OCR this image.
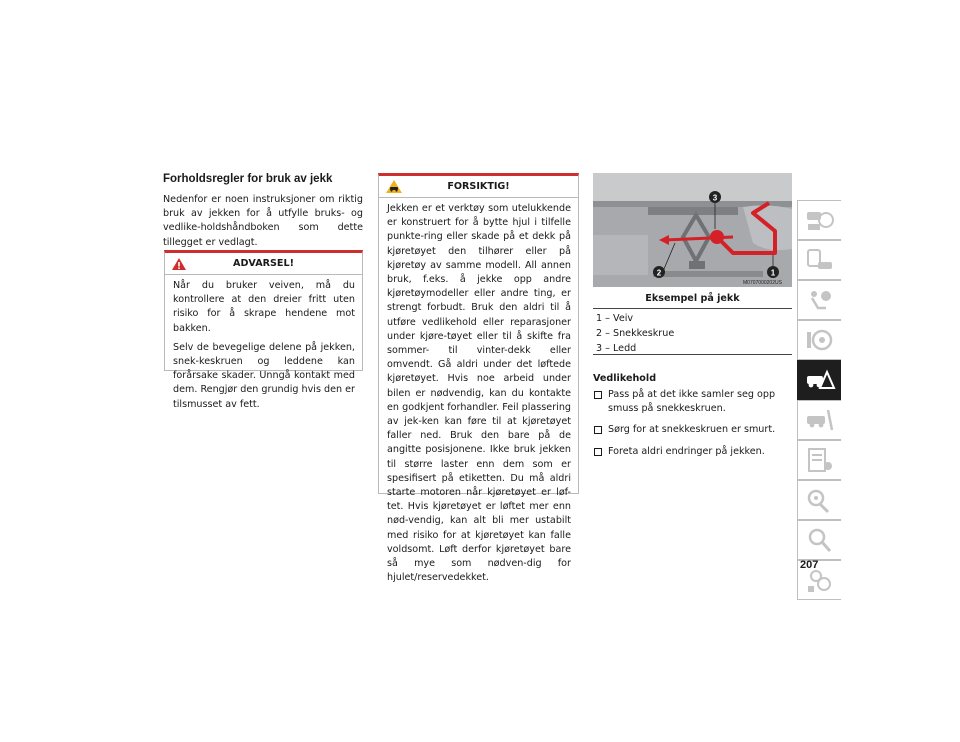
Forholdsregler for bruk av jekk

Nedenfor er noen instruksjoner om riktig bruk av jekken for å utfylle bruks- og vedlike-holdshåndboken som dette tillegget er vedlagt.

ADVARSEL!

Når du bruker veiven, må du kontrollere at den dreier fritt uten risiko for å skrape hendene mot bakken.

Selv de bevegelige delene på jekken, snek-keskruen og leddene kan forårsake skader. Unngå kontakt med dem. Rengjør den grundig hvis den er tilsmusset av fett.

FORSIKTIG!

Jekken er et verktøy som utelukkende er konstruert for å bytte hjul i tilfelle punkte-ring eller skade på et dekk på kjøretøyet den tilhører eller på kjøretøy av samme modell. All annen bruk, f.eks. å jekke opp andre kjøretøymodeller eller andre ting, er strengt forbudt. Bruk den aldri til å utføre vedlikehold eller reparasjoner under kjøre-tøyet eller til å skifte fra sommer- til vinter-dekk eller omvendt. Gå aldri under det løftede kjøretøyet. Hvis noe arbeid under bilen er nødvendig, kan du kontakte en godkjent forhandler. Feil plassering av jek-ken kan føre til at kjøretøyet faller ned. Bruk den bare på de angitte posisjonene. Ikke bruk jekken til større laster enn dem som er spesifisert på etiketten. Du må aldri starte motoren når kjøretøyet er løf-tet. Hvis kjøretøyet er løftet mer enn nød-vendig, kan alt bli mer ustabilt med risiko for at kjøretøyet kan falle voldsomt. Løft derfor kjøretøyet bare så mye som nødven-dig for hjulet/reservedekket.

3
2	1
M0707000202US
Eksempel på jekk
1 – Veiv
2 – Snekkeskrue
3 – Ledd
Vedlikehold
Pass på at det ikke samler seg opp smuss på snekkeskruen.
Sørg for at snekkeskruen er smurt.
Foreta aldri endringer på jekken.
207
